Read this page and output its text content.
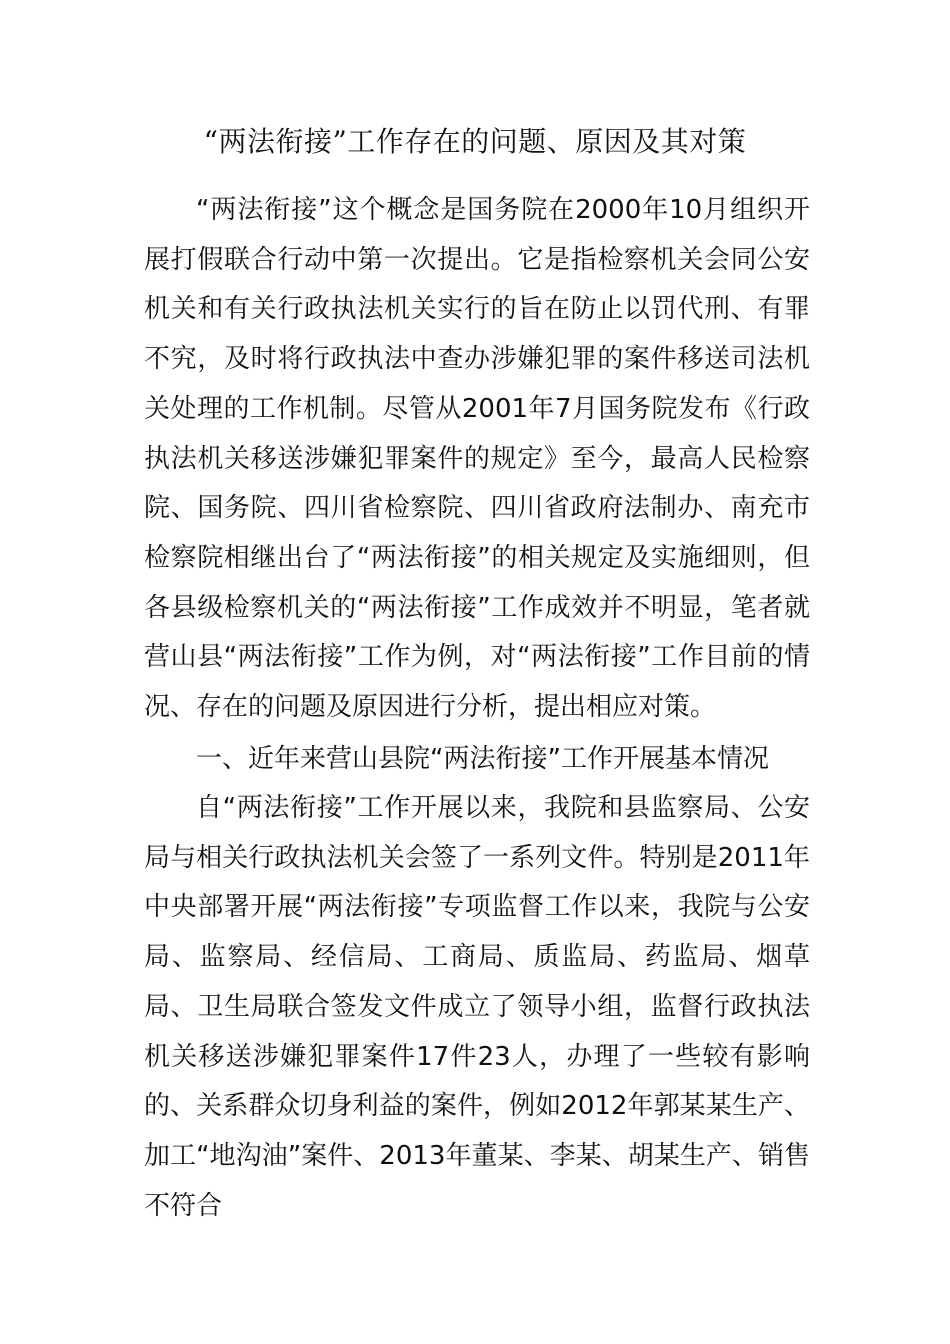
“两法衔接”工作存在的问题、原因及其对策

“两法衔接”这个概念是国务院在2000年10月组织开展打假联合行动中第一次提出。它是指检察机关会同公安机关和有关行政执法机关实行的旨在防止以罚代刑、有罪不究，及时将行政执法中查办涉嫌犯罪的案件移送司法机关处理的工作机制。尽管从2001年7月国务院发布《行政执法机关移送涉嫌犯罪案件的规定》至今，最高人民检察院、国务院、四川省检察院、四川省政府法制办、南充市检察院相继出台了“两法衔接”的相关规定及实施细则，但各县级检察机关的“两法衔接”工作成效并不明显，笔者就营山县“两法衔接”工作为例，对“两法衔接”工作目前的情况、存在的问题及原因进行分析，提出相应对策。

一、近年来营山县院“两法衔接”工作开展基本情况

自“两法衔接”工作开展以来，我院和县监察局、公安局与相关行政执法机关会签了一系列文件。特别是2011年中央部署开展“两法衔接”专项监督工作以来，我院与公安局、监察局、经信局、工商局、质监局、药监局、烟草局、卫生局联合签发文件成立了领导小组，监督行政执法机关移送涉嫌犯罪案件17件23人，办理了一些较有影响的、关系群众切身利益的案件，例如2012年郭某某生产、加工“地沟油”案件、2013年董某、李某、胡某生产、销售不符合
